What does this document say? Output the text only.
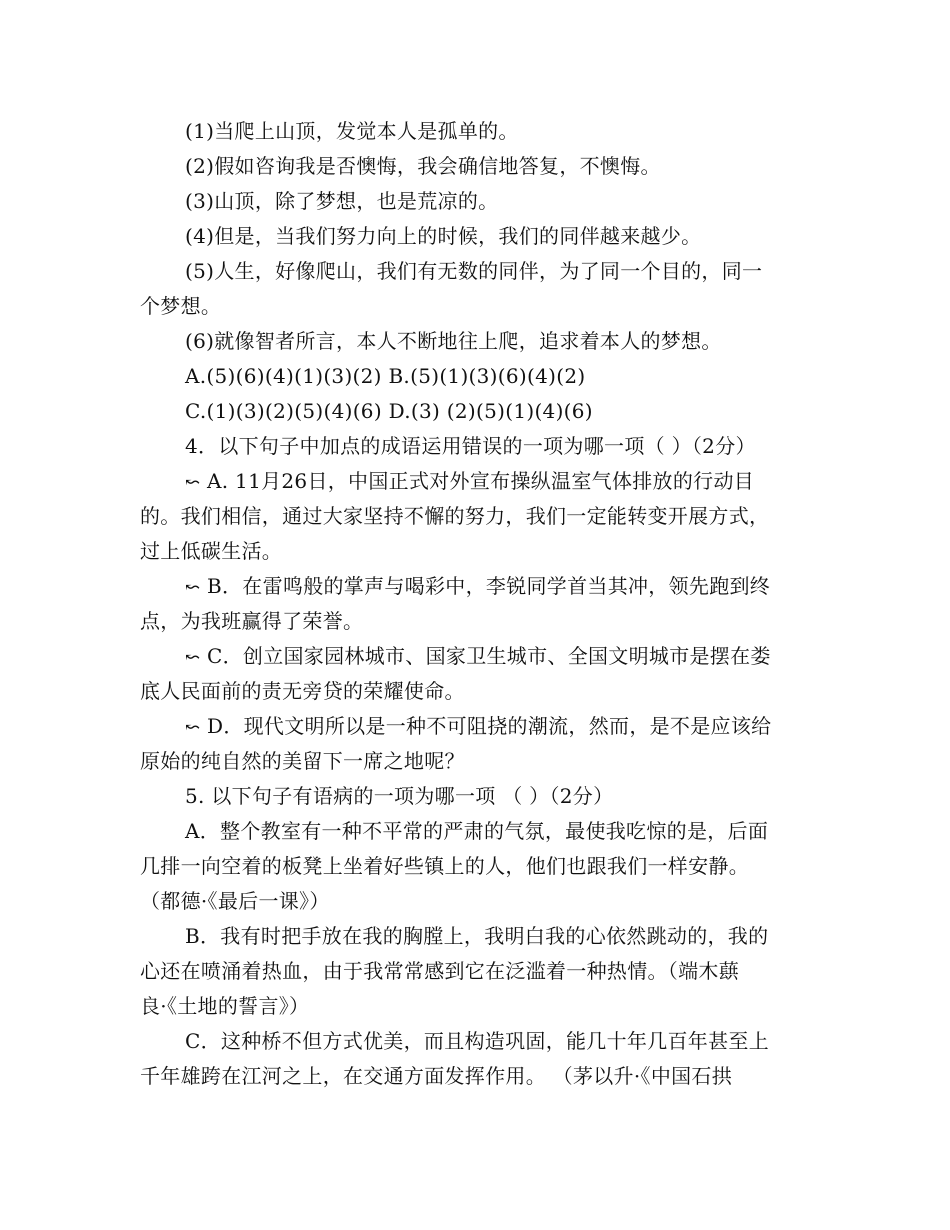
(1)当爬上山顶，发觉本人是孤单的。
(2)假如咨询我是否懊悔，我会确信地答复，不懊悔。
(3)山顶，除了梦想，也是荒凉的。
(4)但是，当我们努力向上的时候，我们的同伴越来越少。
(5)人生，好像爬山，我们有无数的同伴，为了同一个目的，同一
个梦想。
(6)就像智者所言，本人不断地往上爬，追求着本人的梦想。
A.(5)(6)(4)(1)(3)(2) B.(5)(1)(3)(6)(4)(2)
C.(1)(3)(2)(5)(4)(6) D.(3) (2)(5)(1)(4)(6)
4．以下句子中加点的成语运用错误的一项为哪一项（ ）（2分）
↜ A. 11月26日，中国正式对外宣布操纵温室气体排放的行动目
的。我们相信，通过大家坚持不懈的努力，我们一定能转变开展方式，
过上低碳生活。
↜ B．在雷鸣般的掌声与喝彩中，李锐同学首当其冲，领先跑到终
点，为我班赢得了荣誉。
↜ C．创立国家园林城市、国家卫生城市、全国文明城市是摆在娄
底人民面前的责无旁贷的荣耀使命。
↜ D．现代文明所以是一种不可阻挠的潮流，然而，是不是应该给
原始的纯自然的美留下一席之地呢？
5. 以下句子有语病的一项为哪一项 （ ）（2分）
A．整个教室有一种不平常的严肃的气氛，最使我吃惊的是，后面
几排一向空着的板凳上坐着好些镇上的人，他们也跟我们一样安静。
（都德·《最后一课》）
B．我有时把手放在我的胸膛上，我明白我的心依然跳动的，我的
心还在喷涌着热血，由于我常常感到它在泛滥着一种热情。（端木蕻
良·《土地的誓言》）
C．这种桥不但方式优美，而且构造巩固，能几十年几百年甚至上
千年雄跨在江河之上，在交通方面发挥作用。 （茅以升·《中国石拱
